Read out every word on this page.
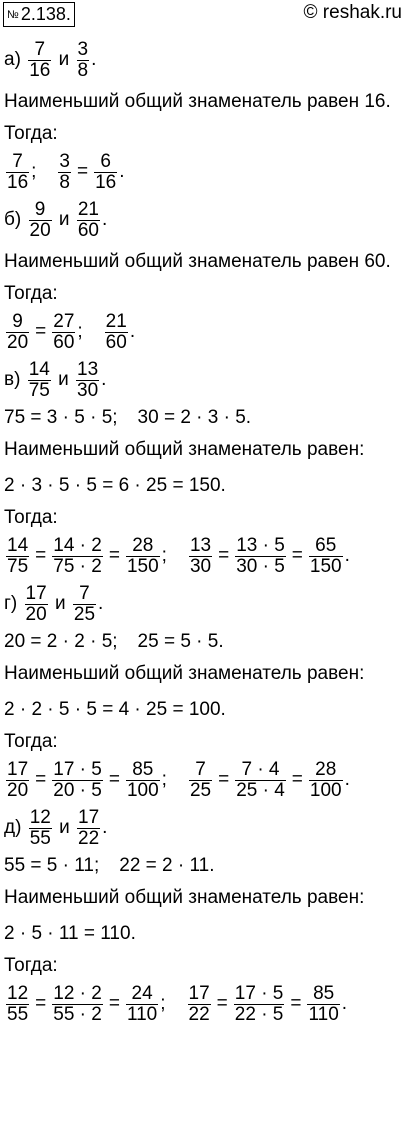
№ 2.138.	© reshak.ru
а)
$\frac{7}{16}$
и
$\frac{3}{8}$ .
Наименьший общий знаменатель равен 16.
Тогда:
$\frac{7}{16}$ ; $\frac{3}{8} = \frac{6}{16}$ .
б)
$\frac{9}{20}$
и
$\frac{21}{60}$ .
Наименьший общий знаменатель равен 60.
Тогда:
$\frac{9}{20} = \frac{27}{60}$ ; $\frac{21}{60}$ .
в)
$\frac{14}{75}$
и
$\frac{13}{30}$ .
75 = 3 · 5 · 5; 30 = 2 · 3 · 5.
Наименьший общий знаменатель равен:
2 · 3 · 5 · 5 = 6 · 25 = 150.
Тогда:
$\frac{14}{75} = \frac{14 \cdot 2}{75 \cdot 2} = \frac{28}{150}$ ; $\frac{13}{30} = \frac{13 \cdot 5}{30 \cdot 5} = \frac{65}{150}$ .
г)
$\frac{17}{20}$
и
$\frac{7}{25}$ .
20 = 2 · 2 · 5; 25 = 5 · 5.
Наименьший общий знаменатель равен:
2 · 2 · 5 · 5 = 4 · 25 = 100.
Тогда:
$\frac{17}{20} = \frac{17 \cdot 5}{20 \cdot 5} = \frac{85}{100}$ ; $\frac{7}{25} = \frac{7 \cdot 4}{25 \cdot 4} = \frac{28}{100}$ .
д)
$\frac{12}{55}$
и
$\frac{17}{22}$ .
55 = 5 · 11; 22 = 2 · 11.
Наименьший общий знаменатель равен:
2 · 5 · 11 = 110.
Тогда:
$\frac{12}{55} = \frac{12 \cdot 2}{55 \cdot 2} = \frac{24}{110}$ ; $\frac{17}{22} = \frac{17 \cdot 5}{22 \cdot 5} = \frac{85}{110}$ .
